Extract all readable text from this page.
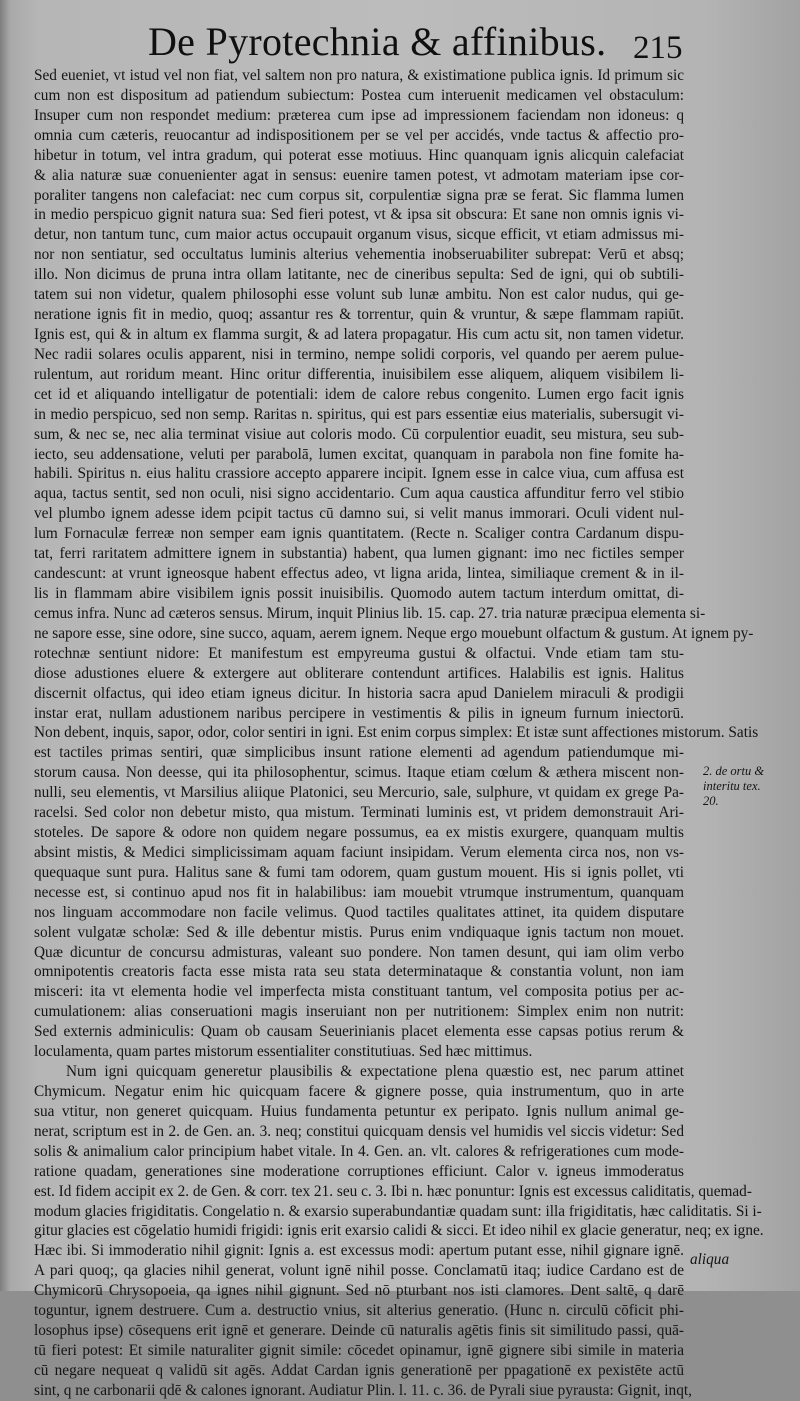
De Pyrotechnia & affinibus. 215
Sed eueniet, vt istud vel non fiat, vel saltem non pro natura, & existimatione publica ignis. Id primum sic
cum non est dispositum ad patiendum subiectum: Postea cum interuenit medicamen vel obstaculum:
Insuper cum non respondet medium: præterea cum ipse ad impressionem faciendam non idoneus: q
omnia cum cæteris, reuocantur ad indispositionem per se vel per accidés, vnde tactus & affectio pro-
hibetur in totum, vel intra gradum, qui poterat esse motiuus. Hinc quanquam ignis alicquin calefaciat
& alia naturæ suæ conuenienter agat in sensus: euenire tamen potest, vt admotam materiam ipse cor-
poraliter tangens non calefaciat: nec cum corpus sit, corpulentiæ signa præ se ferat. Sic flamma lumen
in medio perspicuo gignit natura sua: Sed fieri potest, vt & ipsa sit obscura: Et sane non omnis ignis vi-
detur, non tantum tunc, cum maior actus occupauit organum visus, sicque efficit, vt etiam admissus mi-
nor non sentiatur, sed occultatus luminis alterius vehementia inobseruabiliter subrepat: Verū et absq;
illo. Non dicimus de pruna intra ollam latitante, nec de cineribus sepulta: Sed de igni, qui ob subtili-
tatem sui non videtur, qualem philosophi esse volunt sub lunæ ambitu. Non est calor nudus, qui ge-
neratione ignis fit in medio, quoq; assantur res & torrentur, quin & vruntur, & sæpe flammam rapiūt.
Ignis est, qui & in altum ex flamma surgit, & ad latera propagatur. His cum actu sit, non tamen videtur.
Nec radii solares oculis apparent, nisi in termino, nempe solidi corporis, vel quando per aerem pulue-
rulentum, aut roridum meant. Hinc oritur differentia, inuisibilem esse aliquem, aliquem visibilem li-
cet id et aliquando intelligatur de potentiali: idem de calore rebus congenito. Lumen ergo facit ignis
in medio perspicuo, sed non semp. Raritas n. spiritus, qui est pars essentiæ eius materialis, subersugit vi-
sum, & nec se, nec alia terminat visiue aut coloris modo. Cū corpulentior euadit, seu mistura, seu sub-
iecto, seu addensatione, veluti per parabolā, lumen excitat, quanquam in parabola non fine fomite ha-
habili. Spiritus n. eius halitu crassiore accepto apparere incipit. Ignem esse in calce viua, cum affusa est
aqua, tactus sentit, sed non oculi, nisi signo accidentario. Cum aqua caustica affunditur ferro vel stibio
vel plumbo ignem adesse idem pcipit tactus cū damno sui, si velit manus immorari. Oculi vident nul-
lum Fornaculæ ferreæ non semper eam ignis quantitatem. (Recte n. Scaliger contra Cardanum dispu-
tat, ferri raritatem admittere ignem in substantia) habent, qua lumen gignant: imo nec fictiles semper
candescunt: at vrunt igneosque habent effectus adeo, vt ligna arida, lintea, similiaque crement & in il-
lis in flammam abire visibilem ignis possit inuisibilis. Quomodo autem tactum interdum omittat, di-
cemus infra. Nunc ad cæteros sensus. Mirum, inquit Plinius lib. 15. cap. 27. tria naturæ præcipua elementa si-
ne sapore esse, sine odore, sine succo, aquam, aerem ignem. Neque ergo mouebunt olfactum & gustum. At ignem py-
rotechnæ sentiunt nidore: Et manifestum est empyreuma gustui & olfactui. Vnde etiam tam stu-
diose adustiones eluere & extergere aut obliterare contendunt artifices. Halabilis est ignis. Halitus
discernit olfactus, qui ideo etiam igneus dicitur. In historia sacra apud Danielem miraculi & prodigii
instar erat, nullam adustionem naribus percipere in vestimentis & pilis in igneum furnum iniectorū.
Non debent, inquis, sapor, odor, color sentiri in igni. Est enim corpus simplex: Et istæ sunt affectiones mistorum. Satis
est tactiles primas sentiri, quæ simplicibus insunt ratione elementi ad agendum patiendumque mi-
storum causa. Non deesse, qui ita philosophentur, scimus. Itaque etiam cœlum & æthera miscent non-
nulli, seu elementis, vt Marsilius aliique Platonici, seu Mercurio, sale, sulphure, vt quidam ex grege Pa-
racelsi. Sed color non debetur misto, qua mistum. Terminati luminis est, vt pridem demonstrauit Ari-
stoteles. De sapore & odore non quidem negare possumus, ea ex mistis exurgere, quanquam multis
absint mistis, & Medici simplicissimam aquam faciunt insipidam. Verum elementa circa nos, non vs-
quequaque sunt pura. Halitus sane & fumi tam odorem, quam gustum mouent. His si ignis pollet, vti
necesse est, si continuo apud nos fit in halabilibus: iam mouebit vtrumque instrumentum, quanquam
nos linguam accommodare non facile velimus. Quod tactiles qualitates attinet, ita quidem disputare
solent vulgatæ scholæ: Sed & ille debentur mistis. Purus enim vndiquaque ignis tactum non mouet.
Quæ dicuntur de concursu admisturas, valeant suo pondere. Non tamen desunt, qui iam olim verbo
omnipotentis creatoris facta esse mista rata seu stata determinataque & constantia volunt, non iam
misceri: ita vt elementa hodie vel imperfecta mista constituant tantum, vel composita potius per ac-
cumulationem: alias conseruationi magis inseruiant non per nutritionem: Simplex enim non nutrit:
Sed externis adminiculis: Quam ob causam Seuerinianis placet elementa esse capsas potius rerum &
loculamenta, quam partes mistorum essentialiter constitutiuas. Sed hæc mittimus.
Num igni quicquam generetur plausibilis & expectatione plena quæstio est, nec parum attinet
Chymicum. Negatur enim hic quicquam facere & gignere posse, quia instrumentum, quo in arte
sua vtitur, non generet quicquam. Huius fundamenta petuntur ex peripato. Ignis nullum animal ge-
nerat, scriptum est in 2. de Gen. an. 3. neq; constitui quicquam densis vel humidis vel siccis videtur: Sed
solis & animalium calor principium habet vitale. In 4. Gen. an. vlt. calores & refrigerationes cum mode-
ratione quadam, generationes sine moderatione corruptiones efficiunt. Calor v. igneus immoderatus
est. Id fidem accipit ex 2. de Gen. & corr. tex 21. seu c. 3. Ibi n. hæc ponuntur: Ignis est excessus caliditatis, quemad-
modum glacies frigiditatis. Congelatio n. & exarsio superabundantiæ quadam sunt: illa frigiditatis, hæc caliditatis. Si i-
gitur glacies est cōgelatio humidi frigidi: ignis erit exarsio calidi & sicci. Et ideo nihil ex glacie generatur, neq; ex igne.
Hæc ibi. Si immoderatio nihil gignit: Ignis a. est excessus modi: apertum putant esse, nihil gignare ignē.
A pari quoq;, qa glacies nihil generat, volunt ignē nihil posse. Conclamatū itaq; iudice Cardano est de
Chymicorū Chrysopoeia, qa ignes nihil gignunt. Sed nō pturbant nos isti clamores. Dent saltē, q darē
toguntur, ignem destruere. Cum a. destructio vnius, sit alterius generatio. (Hunc n. circulū cōficit phi-
losophus ipse) cōsequens erit ignē et generare. Deinde cū naturalis agētis finis sit similitudo passi, quā-
tū fieri potest: Et simile naturaliter gignit simile: cōcedet opinamur, ignē gignere sibi simile in materia
cū negare nequeat q validū sit agēs. Addat Cardan ignis generationē per ppagationē ex pexistēte actū
sint, q ne carbonarii qdē & calones ignorant. Audiatur Plin. l. 11. c. 36. de Pyrali siue pyrausta: Gignit, inqt,
2. de ortu &
interitu tex.
20.
aliqua
